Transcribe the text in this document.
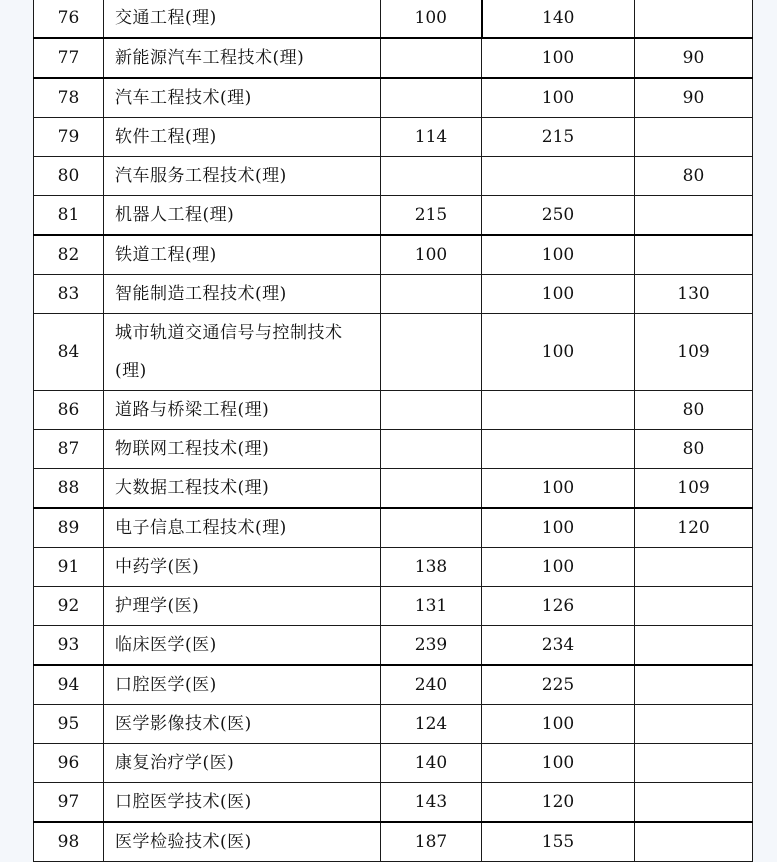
76	交通工程(理)	100	140	
77	新能源汽车工程技术(理)		100	90
78	汽车工程技术(理)		100	90
79	软件工程(理)	114	215	
80	汽车服务工程技术(理)			80
81	机器人工程(理)	215	250	
82	铁道工程(理)	100	100	
83	智能制造工程技术(理)		100	130
84	城市轨道交通信号与控制技术(理)		100	109
86	道路与桥梁工程(理)			80
87	物联网工程技术(理)			80
88	大数据工程技术(理)		100	109
89	电子信息工程技术(理)		100	120
91	中药学(医)	138	100	
92	护理学(医)	131	126	
93	临床医学(医)	239	234	
94	口腔医学(医)	240	225	
95	医学影像技术(医)	124	100	
96	康复治疗学(医)	140	100	
97	口腔医学技术(医)	143	120	
98	医学检验技术(医)	187	155	
